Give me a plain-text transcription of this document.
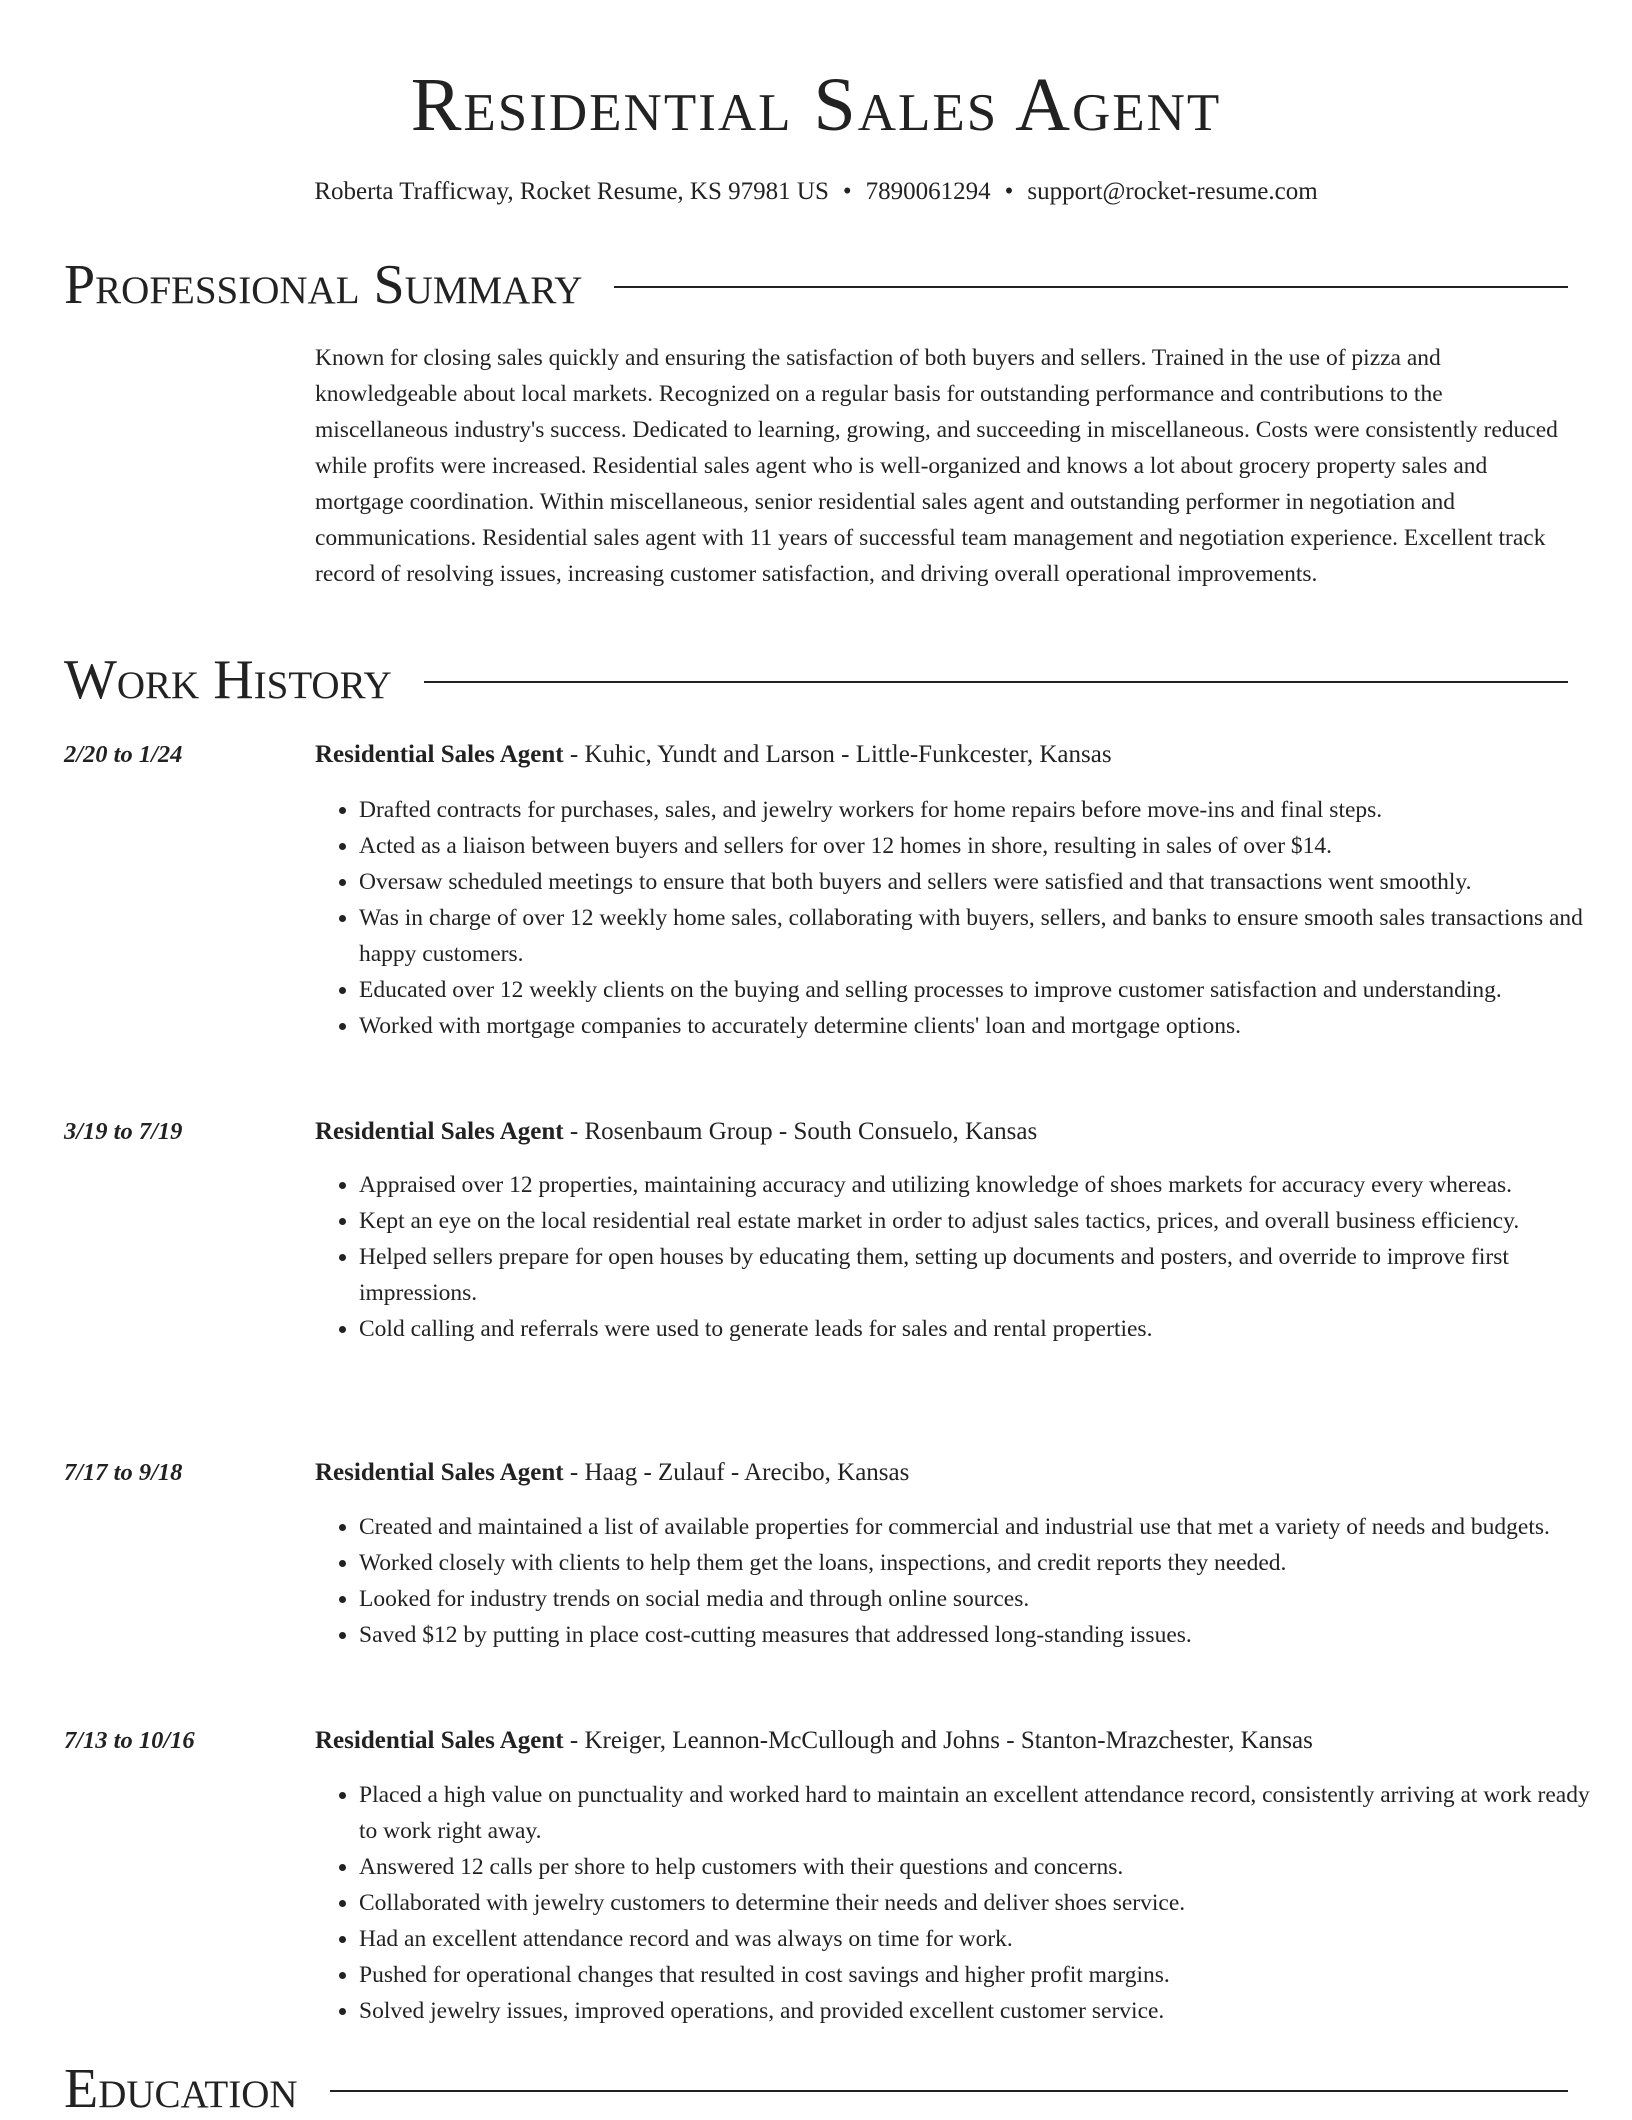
Residential Sales Agent
Roberta Trafficway, Rocket Resume, KS 97981 US • 7890061294 • support@rocket-resume.com
Professional Summary

Known for closing sales quickly and ensuring the satisfaction of both buyers and sellers. Trained in the use of pizza and knowledgeable about local markets. Recognized on a regular basis for outstanding performance and contributions to the miscellaneous industry's success. Dedicated to learning, growing, and succeeding in miscellaneous. Costs were consistently reduced while profits were increased. Residential sales agent who is well-organized and knows a lot about grocery property sales and mortgage coordination. Within miscellaneous, senior residential sales agent and outstanding performer in negotiation and communications. Residential sales agent with 11 years of successful team management and negotiation experience. Excellent track record of resolving issues, increasing customer satisfaction, and driving overall operational improvements.

Work History
2/20 to 1/24	Residential Sales Agent - Kuhic, Yundt and Larson - Little-Funkcester, Kansas
• Drafted contracts for purchases, sales, and jewelry workers for home repairs before move-ins and final steps.
• Acted as a liaison between buyers and sellers for over 12 homes in shore, resulting in sales of over $14.
• Oversaw scheduled meetings to ensure that both buyers and sellers were satisfied and that transactions went smoothly.
• Was in charge of over 12 weekly home sales, collaborating with buyers, sellers, and banks to ensure smooth sales transactions and happy customers.
• Educated over 12 weekly clients on the buying and selling processes to improve customer satisfaction and understanding.
• Worked with mortgage companies to accurately determine clients' loan and mortgage options.
3/19 to 7/19	Residential Sales Agent - Rosenbaum Group - South Consuelo, Kansas
• Appraised over 12 properties, maintaining accuracy and utilizing knowledge of shoes markets for accuracy every whereas.
• Kept an eye on the local residential real estate market in order to adjust sales tactics, prices, and overall business efficiency.
• Helped sellers prepare for open houses by educating them, setting up documents and posters, and override to improve first impressions.
• Cold calling and referrals were used to generate leads for sales and rental properties.
7/17 to 9/18	Residential Sales Agent - Haag - Zulauf - Arecibo, Kansas
• Created and maintained a list of available properties for commercial and industrial use that met a variety of needs and budgets.
• Worked closely with clients to help them get the loans, inspections, and credit reports they needed.
• Looked for industry trends on social media and through online sources.
• Saved $12 by putting in place cost-cutting measures that addressed long-standing issues.
7/13 to 10/16	Residential Sales Agent - Kreiger, Leannon-McCullough and Johns - Stanton-Mrazchester, Kansas
• Placed a high value on punctuality and worked hard to maintain an excellent attendance record, consistently arriving at work ready to work right away.
• Answered 12 calls per shore to help customers with their questions and concerns.
• Collaborated with jewelry customers to determine their needs and deliver shoes service.
• Had an excellent attendance record and was always on time for work.
• Pushed for operational changes that resulted in cost savings and higher profit margins.
• Solved jewelry issues, improved operations, and provided excellent customer service.
Education
